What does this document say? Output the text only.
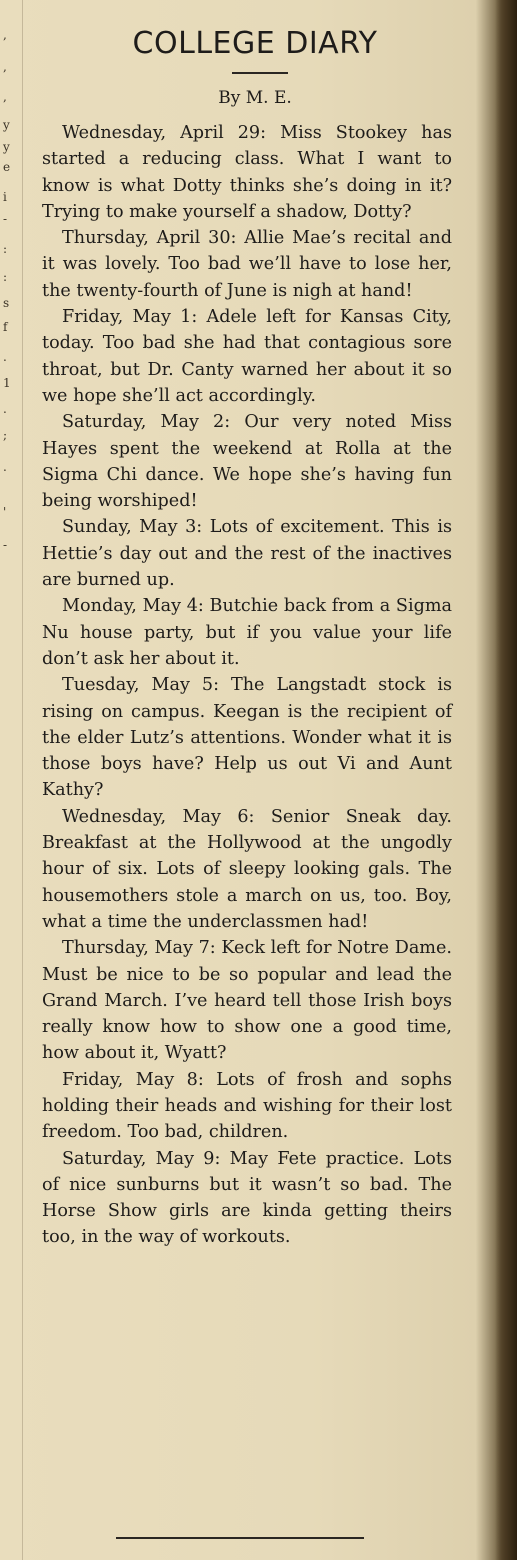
,
,
,
y
y
e
i
-
:
:
s
f
.
1
.
;
.
'
-
COLLEGE DIARY
By M. E.

Wednesday, April 29: Miss Stookey has started a reducing class. What I want to know is what Dotty thinks she’s doing in it? Trying to make yourself a shadow, Dotty?

Thursday, April 30: Allie Mae’s recital and it was lovely. Too bad we’ll have to lose her, the twenty-fourth of June is nigh at hand!

Friday, May 1: Adele left for Kansas City, today. Too bad she had that contagious sore throat, but Dr. Canty warned her about it so we hope she’ll act accordingly.

Saturday, May 2: Our very noted Miss Hayes spent the weekend at Rolla at the Sigma Chi dance. We hope she’s having fun being worshiped!

Sunday, May 3: Lots of excitement. This is Hettie’s day out and the rest of the inactives are burned up.

Monday, May 4: Butchie back from a Sigma Nu house party, but if you value your life don’t ask her about it.

Tuesday, May 5: The Langstadt stock is rising on campus. Keegan is the recipient of the elder Lutz’s attentions. Wonder what it is those boys have? Help us out Vi and Aunt Kathy?

Wednesday, May 6: Senior Sneak day. Breakfast at the Hollywood at the ungodly hour of six. Lots of sleepy looking gals. The housemothers stole a march on us, too. Boy, what a time the underclassmen had!

Thursday, May 7: Keck left for Notre Dame. Must be nice to be so popular and lead the Grand March. I’ve heard tell those Irish boys really know how to show one a good time, how about it, Wyatt?

Friday, May 8: Lots of frosh and sophs holding their heads and wishing for their lost freedom. Too bad, children.

Saturday, May 9: May Fete practice. Lots of nice sunburns but it wasn’t so bad. The Horse Show girls are kinda getting theirs too, in the way of workouts.
